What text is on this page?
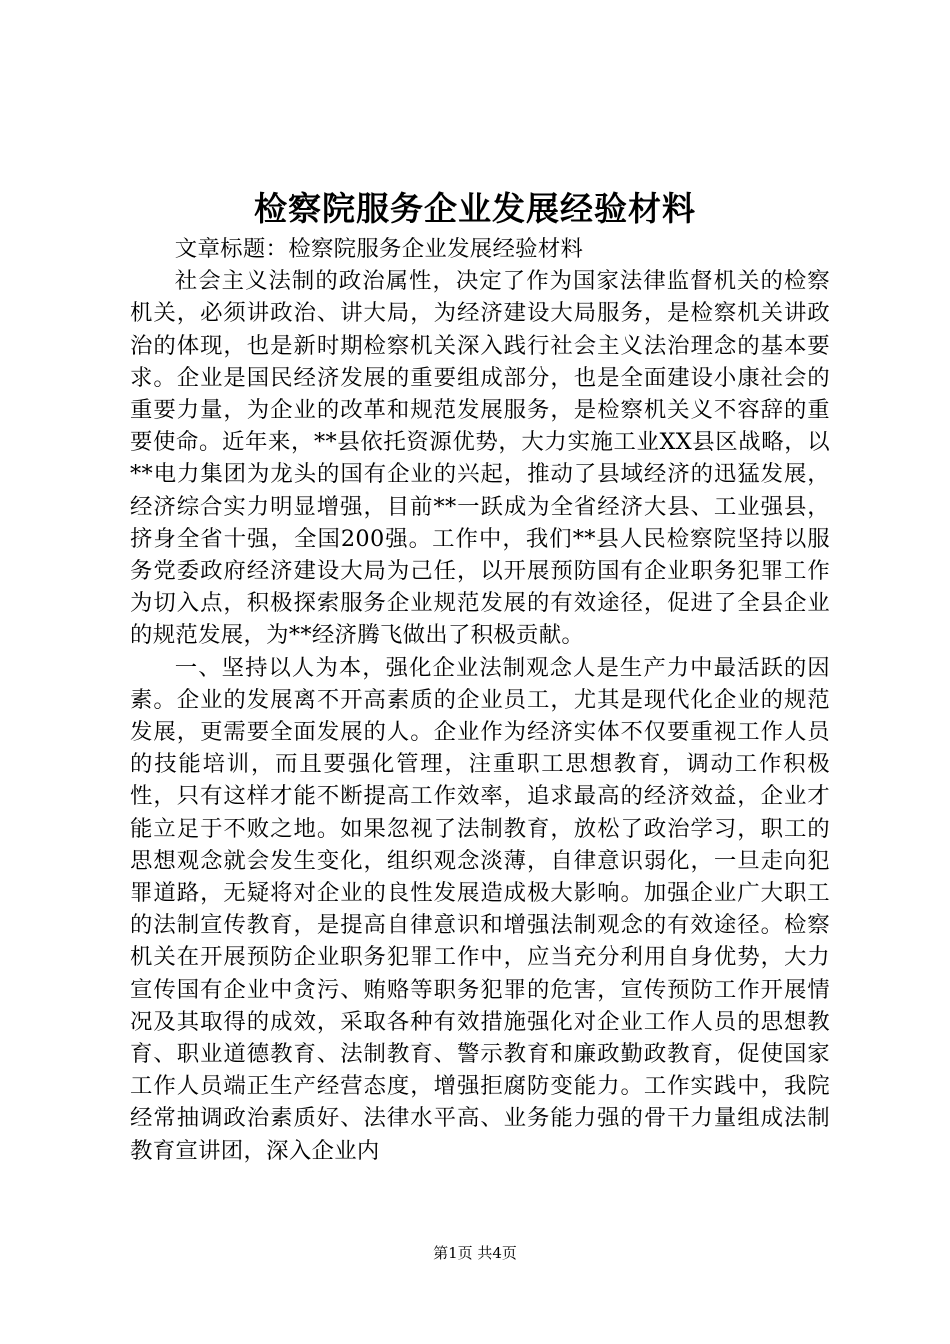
检察院服务企业发展经验材料

文章标题：检察院服务企业发展经验材料

社会主义法制的政治属性，决定了作为国家法律监督机关的检察机关，必须讲政治、讲大局，为经济建设大局服务，是检察机关讲政治的体现，也是新时期检察机关深入践行社会主义法治理念的基本要求。企业是国民经济发展的重要组成部分，也是全面建设小康社会的重要力量，为企业的改革和规范发展服务，是检察机关义不容辞的重要使命。近年来，**县依托资源优势，大力实施工业XX县区战略，以**电力集团为龙头的国有企业的兴起，推动了县域经济的迅猛发展，经济综合实力明显增强，目前**一跃成为全省经济大县、工业强县，挤身全省十强，全国200强。工作中，我们**县人民检察院坚持以服务党委政府经济建设大局为己任，以开展预防国有企业职务犯罪工作为切入点，积极探索服务企业规范发展的有效途径，促进了全县企业的规范发展，为**经济腾飞做出了积极贡献。

一、坚持以人为本，强化企业法制观念人是生产力中最活跃的因素。企业的发展离不开高素质的企业员工，尤其是现代化企业的规范发展，更需要全面发展的人。企业作为经济实体不仅要重视工作人员的技能培训，而且要强化管理，注重职工思想教育，调动工作积极性，只有这样才能不断提高工作效率，追求最高的经济效益，企业才能立足于不败之地。如果忽视了法制教育，放松了政治学习，职工的思想观念就会发生变化，组织观念淡薄，自律意识弱化，一旦走向犯罪道路，无疑将对企业的良性发展造成极大影响。加强企业广大职工的法制宣传教育，是提高自律意识和增强法制观念的有效途径。检察机关在开展预防企业职务犯罪工作中，应当充分利用自身优势，大力宣传国有企业中贪污、贿赂等职务犯罪的危害，宣传预防工作开展情况及其取得的成效，采取各种有效措施强化对企业工作人员的思想教育、职业道德教育、法制教育、警示教育和廉政勤政教育，促使国家工作人员端正生产经营态度，增强拒腐防变能力。工作实践中，我院经常抽调政治素质好、法律水平高、业务能力强的骨干力量组成法制教育宣讲团，深入企业内

第1页 共4页
